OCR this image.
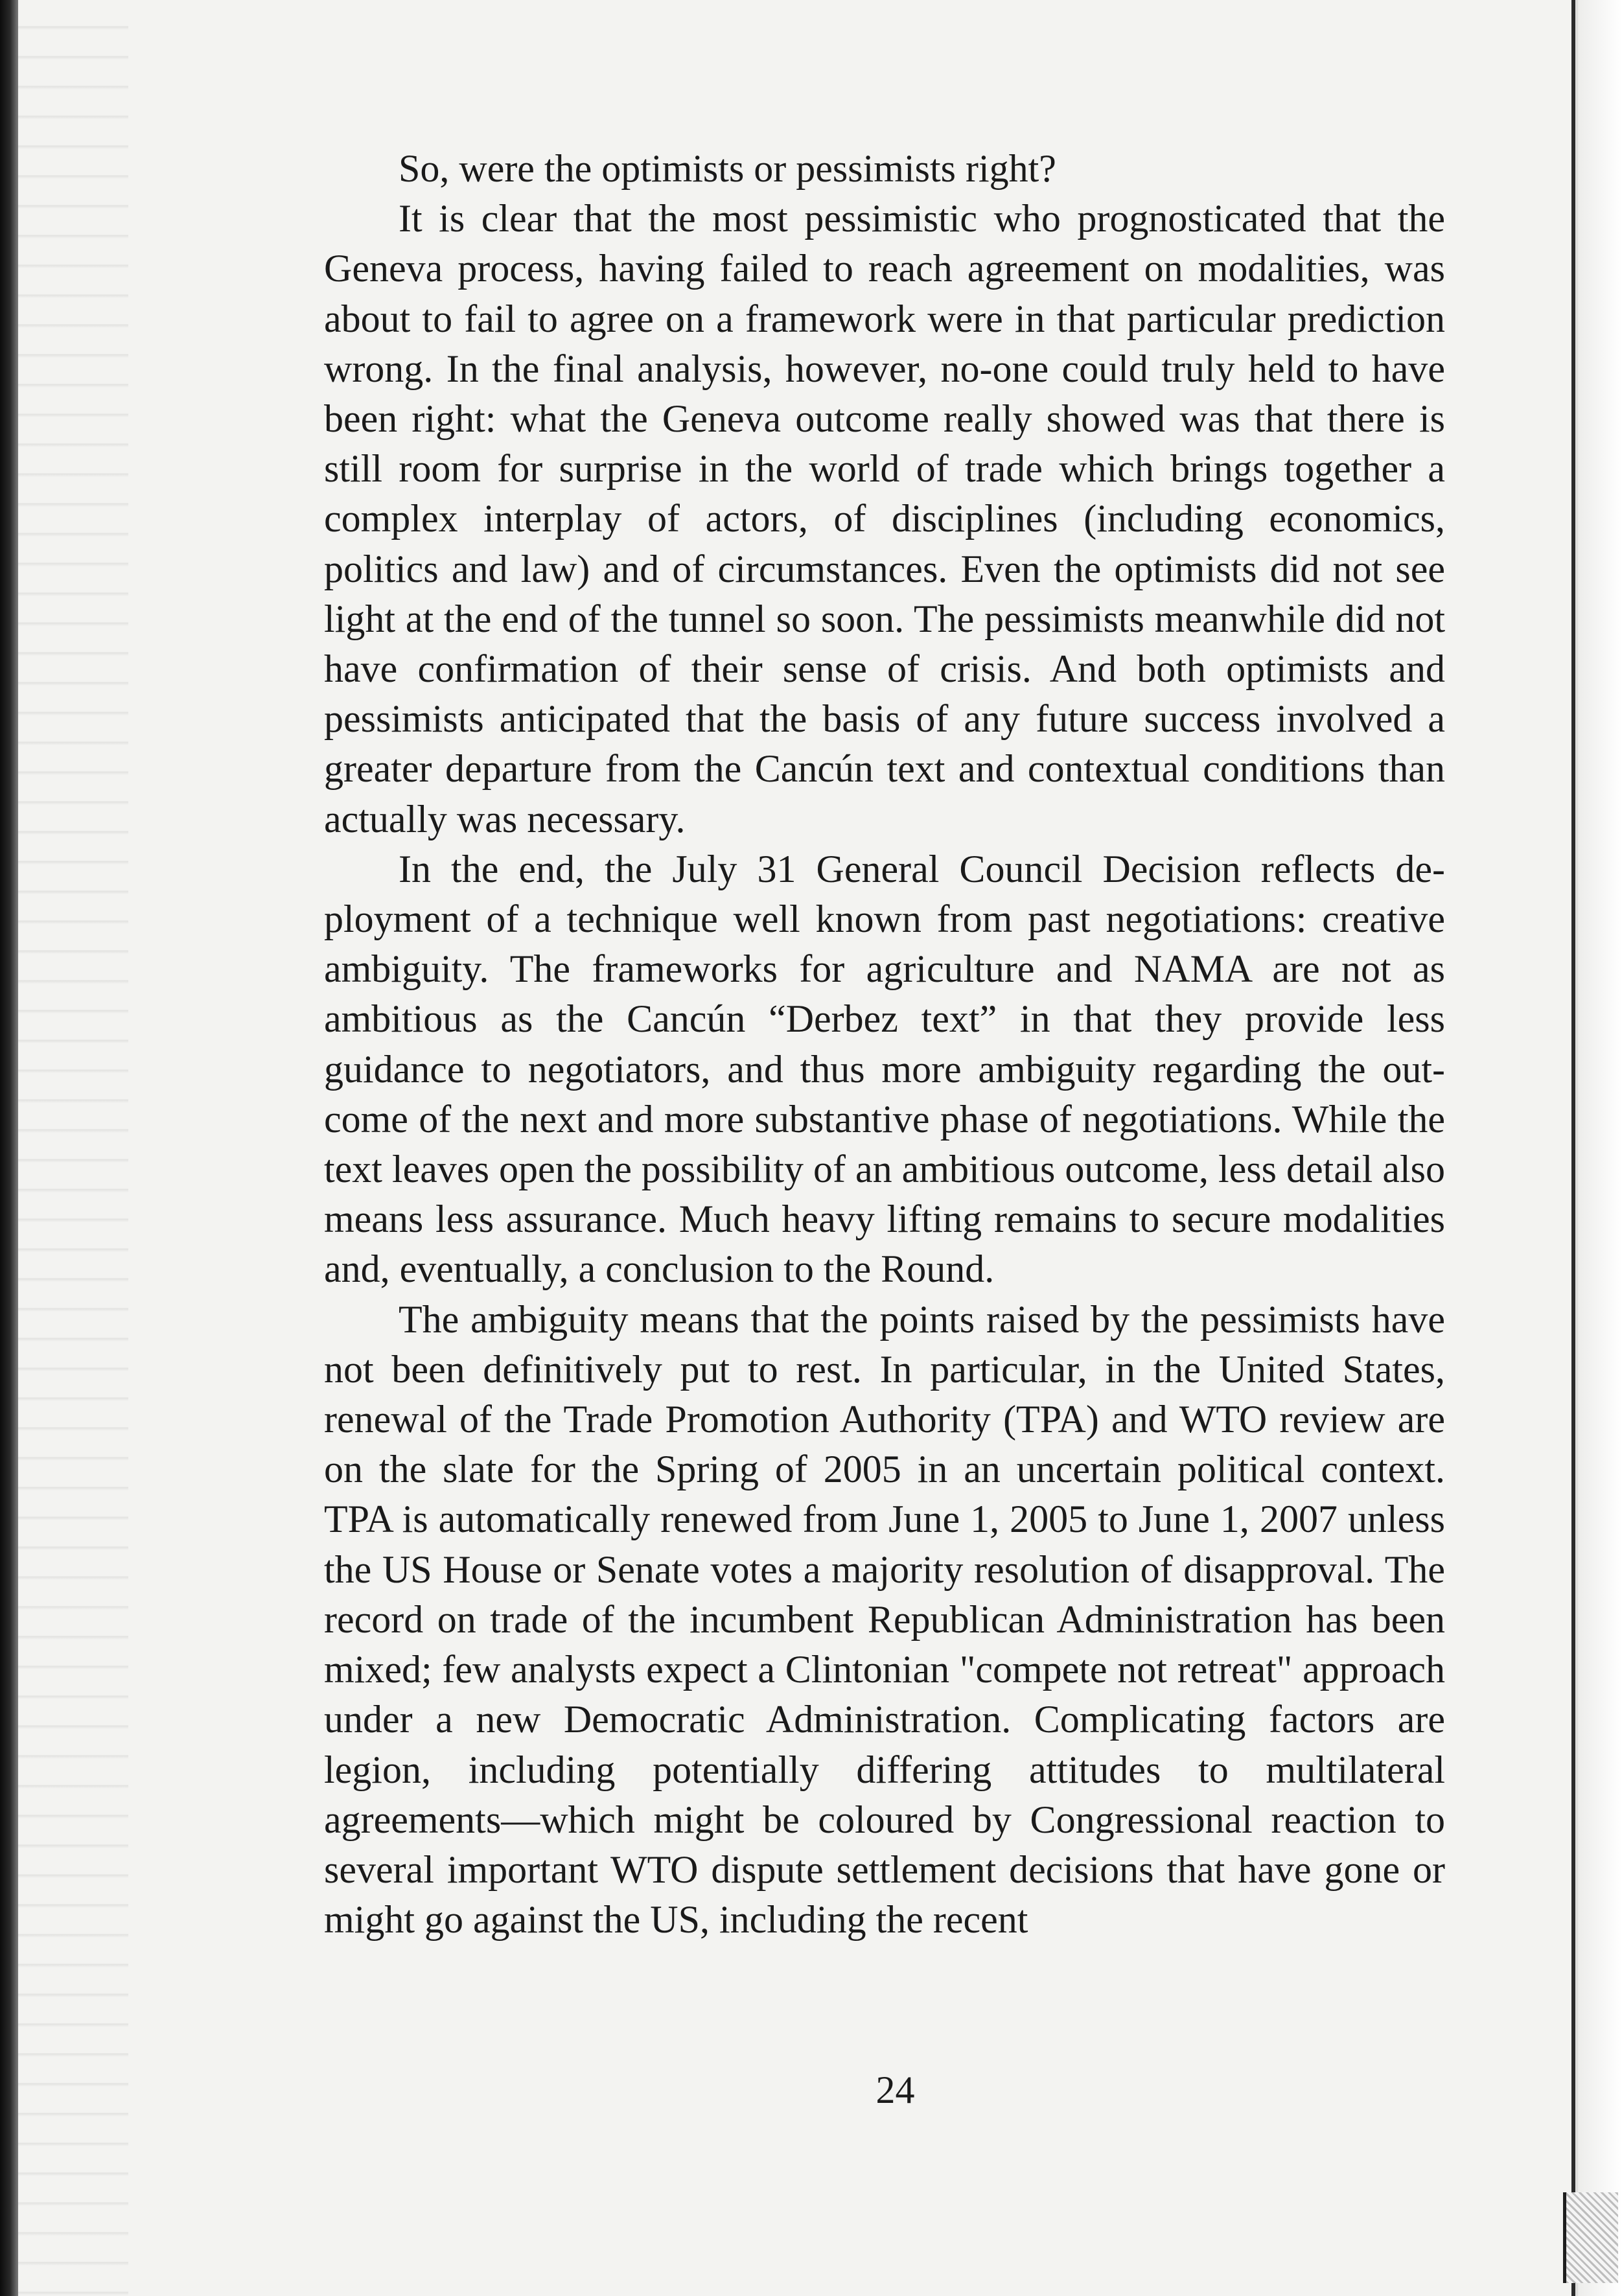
So, were the optimists or pessimists right?

It is clear that the most pessimistic who prognosticated that the Geneva process, having failed to reach agreement on modalities, was about to fail to agree on a framework were in that particular prediction wrong. In the final analysis, however, no-one could truly held to have been right: what the Geneva outcome really showed was that there is still room for surprise in the world of trade which brings together a complex interplay of actors, of disciplines (including economics, politics and law) and of circumstances. Even the optimists did not see light at the end of the tunnel so soon. The pessimists meanwhile did not have confirmation of their sense of crisis. And both optimists and pessimists anticipated that the basis of any future success involved a greater departure from the Cancún text and contextual conditions than actually was necessary.

In the end, the July 31 General Council Decision reflects deployment of a technique well known from past negotiations: creative ambiguity. The frameworks for agriculture and NAMA are not as ambitious as the Cancún “Derbez text” in that they provide less guidance to negotiators, and thus more ambiguity regarding the outcome of the next and more substantive phase of negotiations. While the text leaves open the possibility of an ambitious outcome, less detail also means less assurance. Much heavy lifting remains to secure modalities and, eventually, a conclusion to the Round.

The ambiguity means that the points raised by the pessimists have not been definitively put to rest. In particular, in the United States, renewal of the Trade Promotion Authority (TPA) and WTO review are on the slate for the Spring of 2005 in an uncertain political context. TPA is automatically renewed from June 1, 2005 to June 1, 2007 unless the US House or Senate votes a majority resolution of disapproval. The record on trade of the incumbent Republican Administration has been mixed; few analysts expect a Clintonian "compete not retreat" approach under a new Democratic Administration. Complicating factors are legion, including potentially differing attitudes to multilateral agreements—which might be coloured by Congressional reaction to several important WTO dispute settlement decisions that have gone or might go against the US, including the recent

24
